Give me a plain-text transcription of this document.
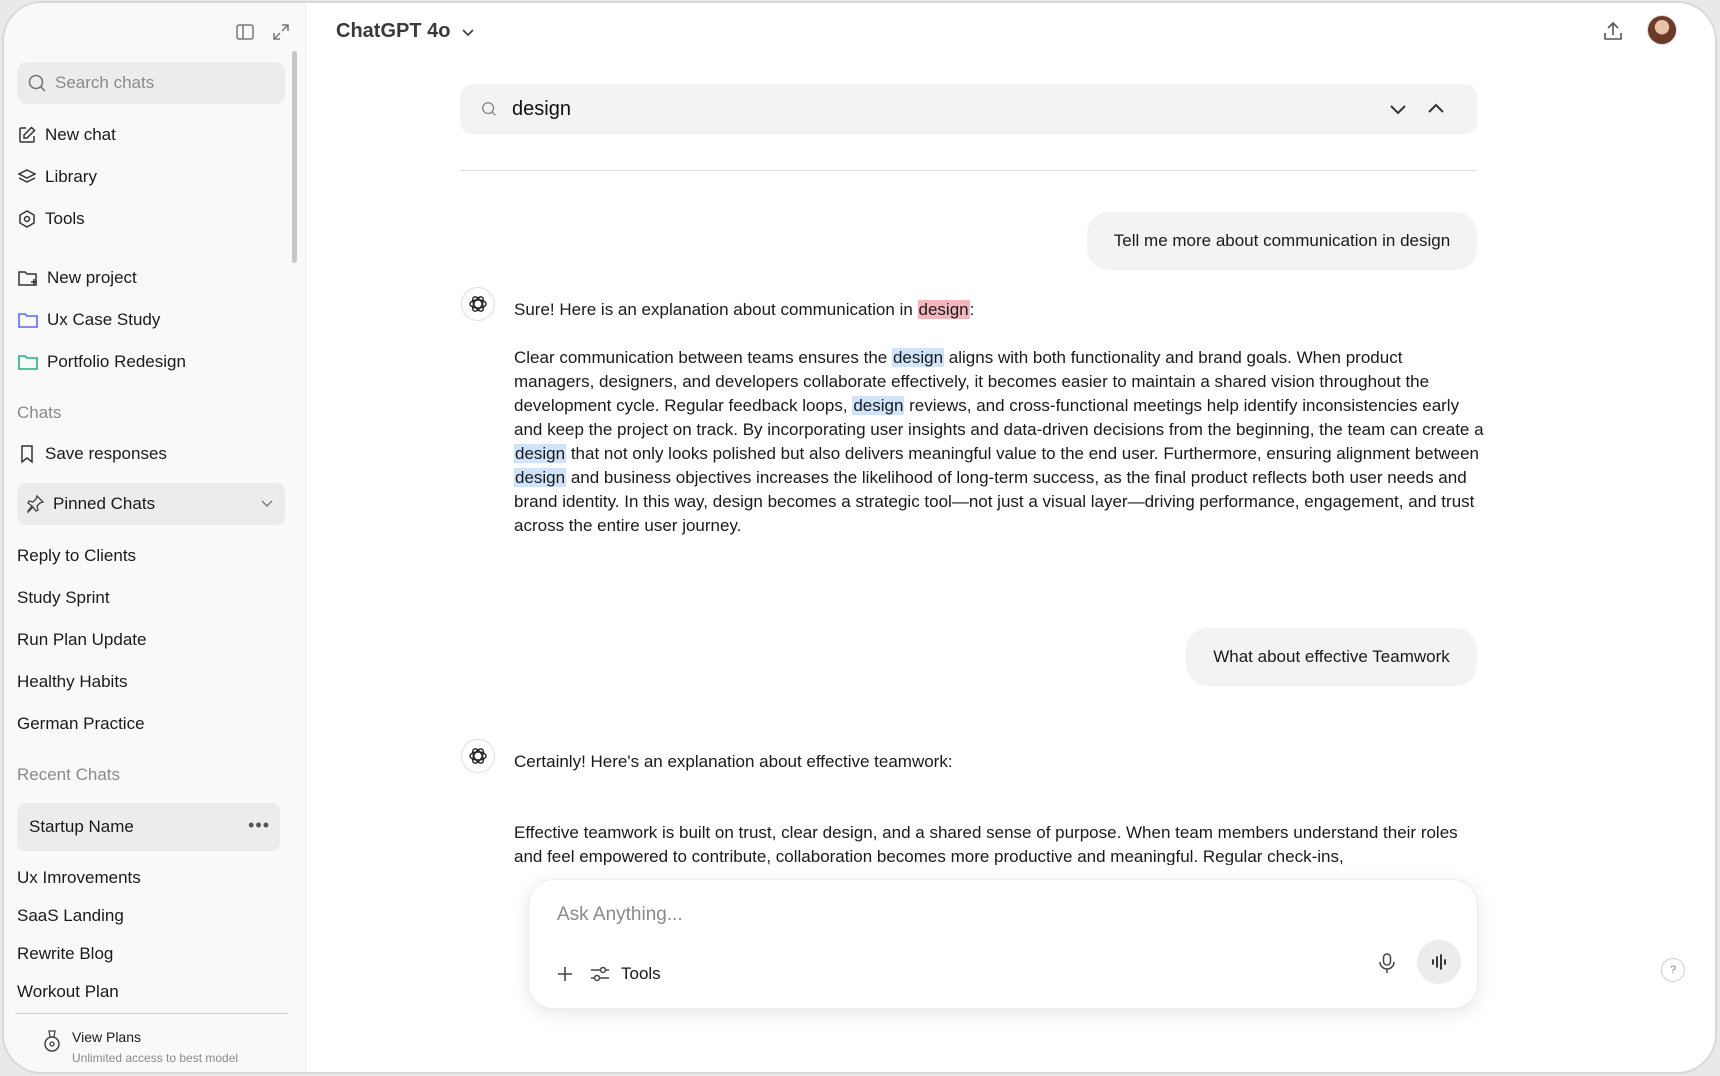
Search chats
New chat
Library
Tools
New project
Ux Case Study
Portfolio Redesign
Chats
Save responses
Pinned Chats
Reply to Clients
Study Sprint
Run Plan Update
Healthy Habits
German Practice
Recent Chats
Startup Name	•••
Ux Imrovements
SaaS Landing
Rewrite Blog
Workout Plan
View Plans
Unlimited access to best model
ChatGPT 4o
design
Tell me more about communication in design
Sure! Here is an explanation about communication in design:
Clear communication between teams ensures the design aligns with both functionality and brand goals. When product managers, designers, and developers collaborate effectively, it becomes easier to maintain a shared vision throughout the development cycle. Regular feedback loops, design reviews, and cross-functional meetings help identify inconsistencies early and keep the project on track. By incorporating user insights and data-driven decisions from the beginning, the team can create a design that not only looks polished but also delivers meaningful value to the end user. Furthermore, ensuring alignment between design and business objectives increases the likelihood of long-term success, as the final product reflects both user needs and brand identity. In this way, design becomes a strategic tool—not just a visual layer—driving performance, engagement, and trust across the entire user journey.
What about effective Teamwork
Certainly! Here's an explanation about effective teamwork:
Effective teamwork is built on trust, clear design, and a shared sense of purpose. When team members understand their roles and feel empowered to contribute, collaboration becomes more productive and meaningful. Regular check-ins,
Ask Anything...
Tools	?
